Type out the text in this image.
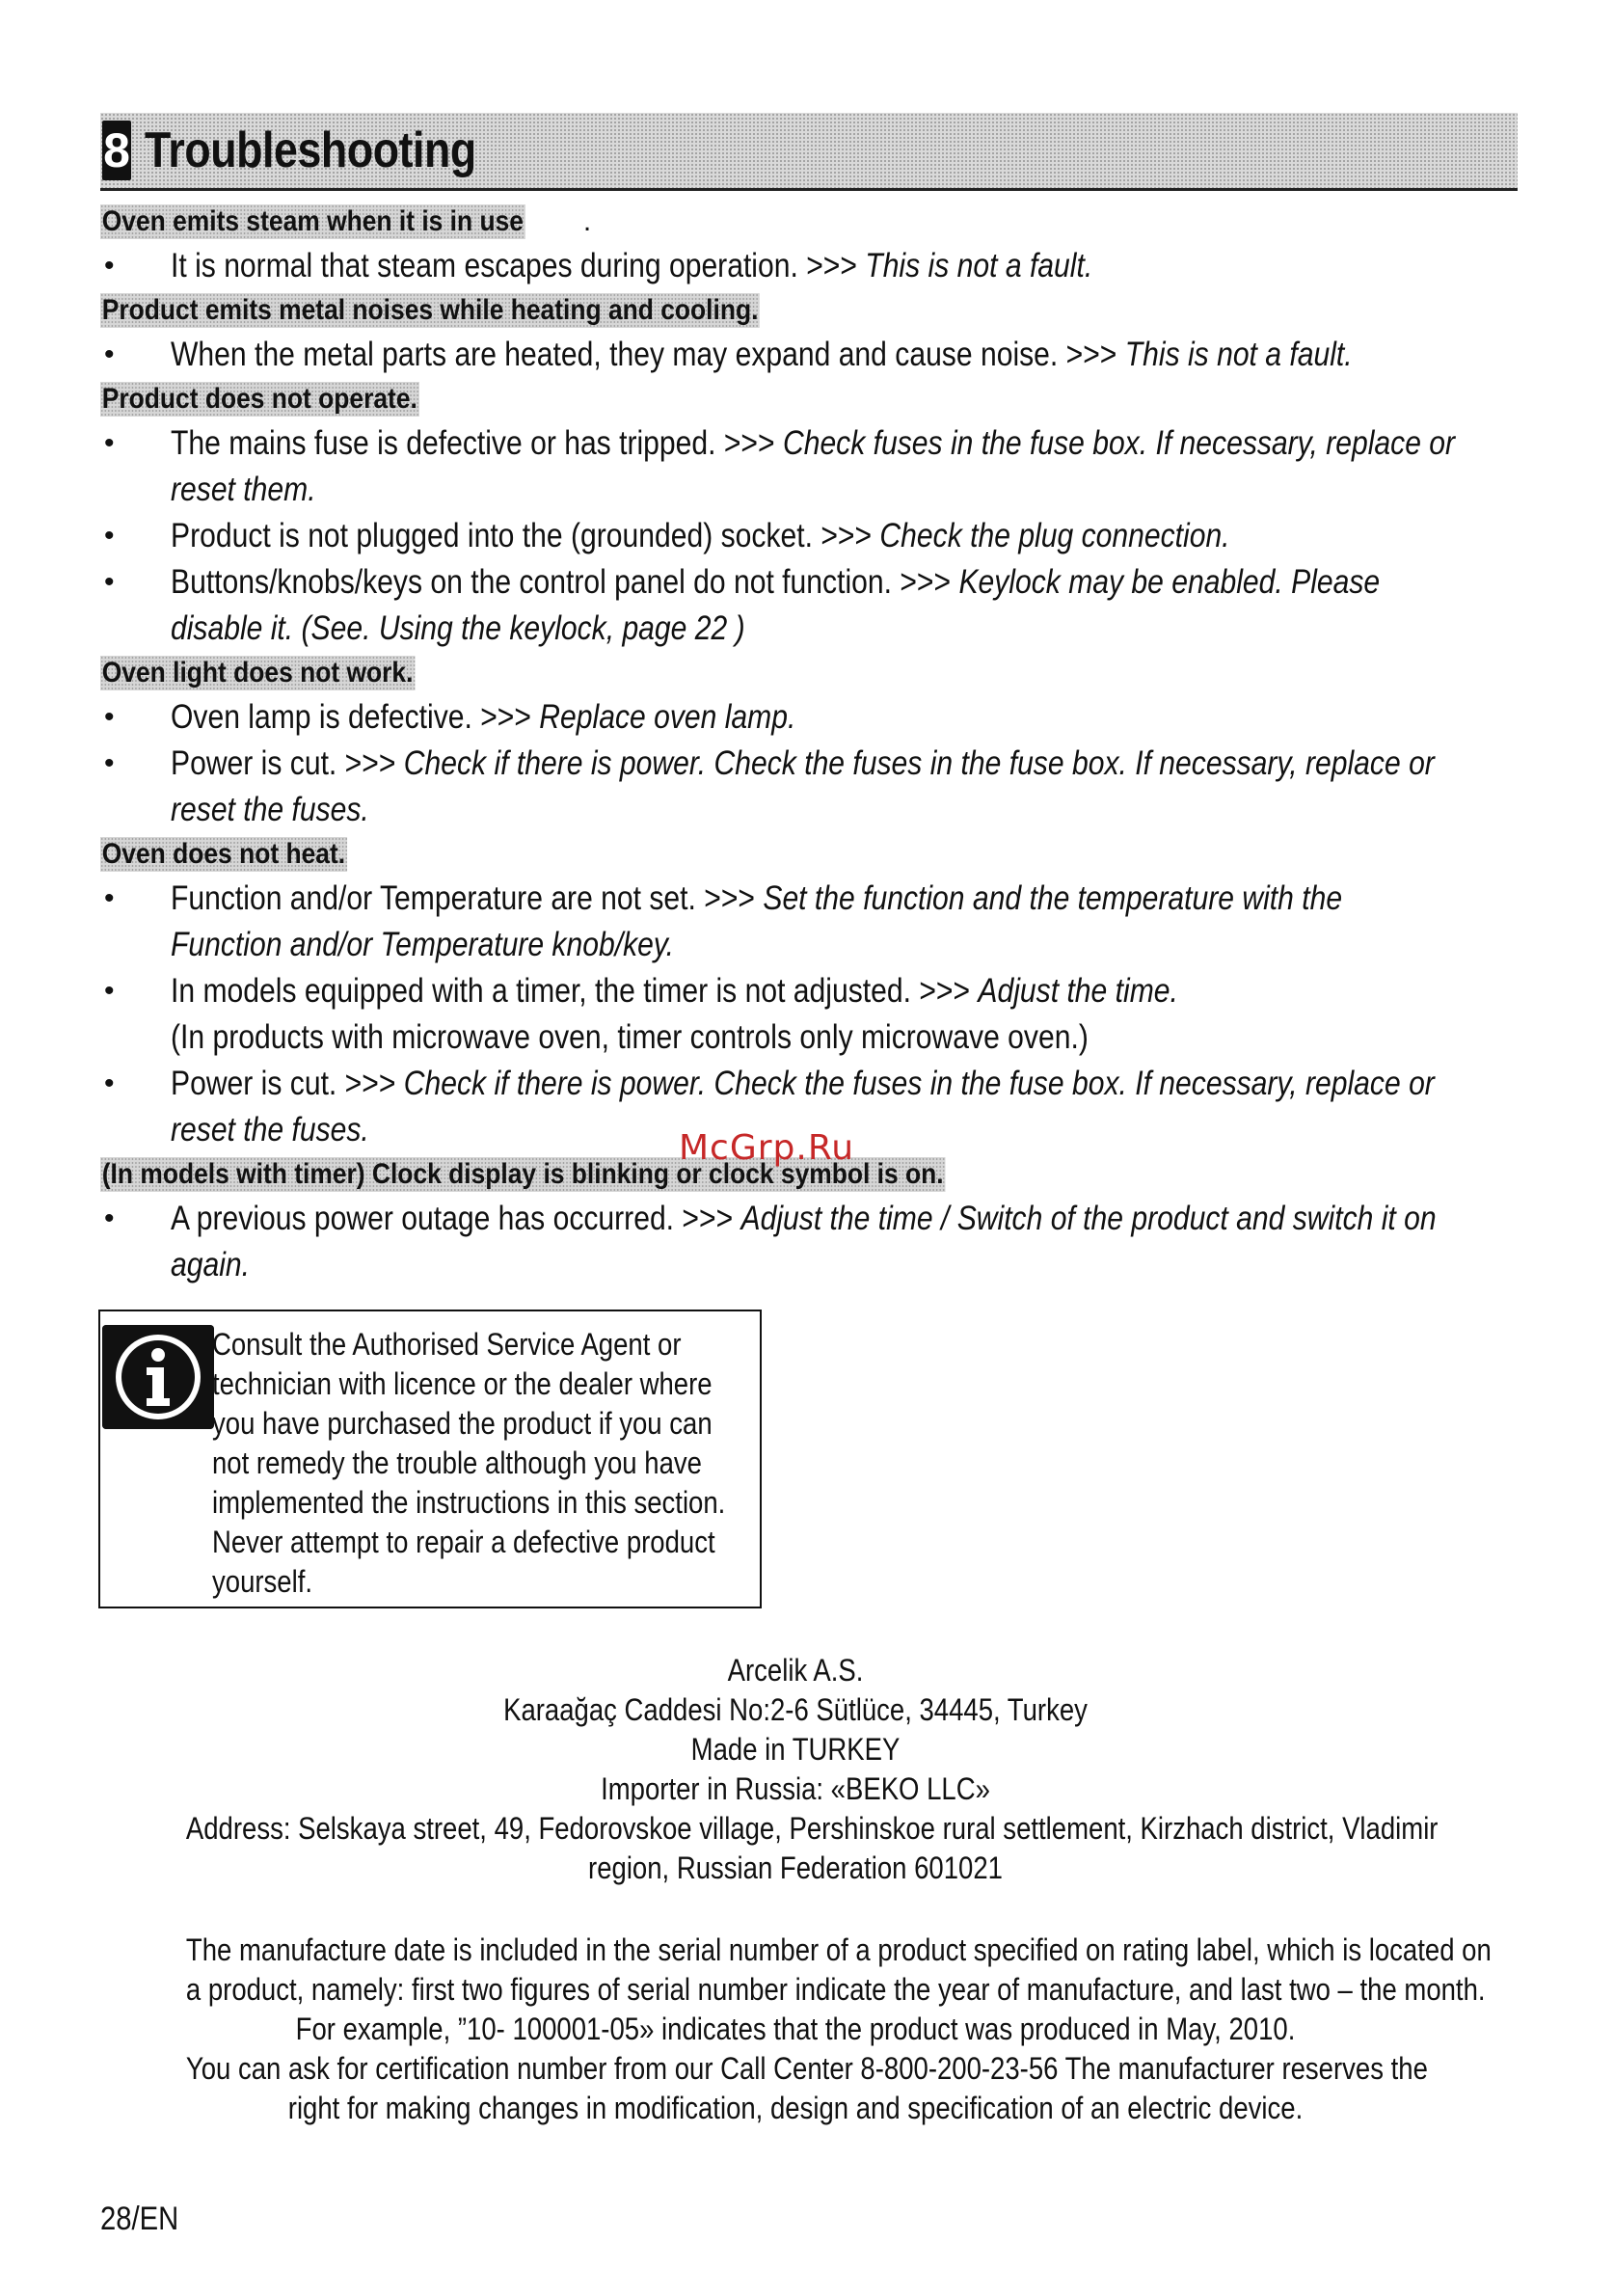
8 Troubleshooting
Oven emits steam when it is in use .
• It is normal that steam escapes during operation. >>> This is not a fault.
Product emits metal noises while heating and cooling.
• When the metal parts are heated, they may expand and cause noise. >>> This is not a fault.
Product does not operate.
• The mains fuse is defective or has tripped. >>> Check fuses in the fuse box. If necessary, replace or reset them.
• Product is not plugged into the (grounded) socket. >>> Check the plug connection.
• Buttons/knobs/keys on the control panel do not function. >>> Keylock may be enabled. Please disable it. (See. Using the keylock, page 22 )
Oven light does not work.
• Oven lamp is defective. >>> Replace oven lamp.
• Power is cut. >>> Check if there is power. Check the fuses in the fuse box. If necessary, replace or reset the fuses.
Oven does not heat.
• Function and/or Temperature are not set. >>> Set the function and the temperature with the Function and/or Temperature knob/key.
• In models equipped with a timer, the timer is not adjusted. >>> Adjust the time.
(In products with microwave oven, timer controls only microwave oven.)
• Power is cut. >>> Check if there is power. Check the fuses in the fuse box. If necessary, replace or reset the fuses.
(In models with timer) Clock display is blinking or clock symbol is on.
• A previous power outage has occurred. >>> Adjust the time / Switch of the product and switch it on again.
McGrp.Ru
Consult the Authorised Service Agent or
technician with licence or the dealer where
you have purchased the product if you can
not remedy the trouble although you have
implemented the instructions in this section.
Never attempt to repair a defective product
yourself.
Arcelik A.S.
Karaağaç Caddesi No:2-6 Sütlüce, 34445, Turkey
Made in TURKEY
Importer in Russia: «BEKO LLC»
Address: Selskaya street, 49, Fedorovskoe village, Pershinskoe rural settlement, Kirzhach district, Vladimir
region, Russian Federation 601021
The manufacture date is included in the serial number of a product specified on rating label, which is located on
a product, namely: first two figures of serial number indicate the year of manufacture, and last two – the month.
For example, ”10- 100001-05» indicates that the product was produced in May, 2010.
You can ask for certification number from our Call Center 8-800-200-23-56 The manufacturer reserves the
right for making changes in modification, design and specification of an electric device.
28/EN
